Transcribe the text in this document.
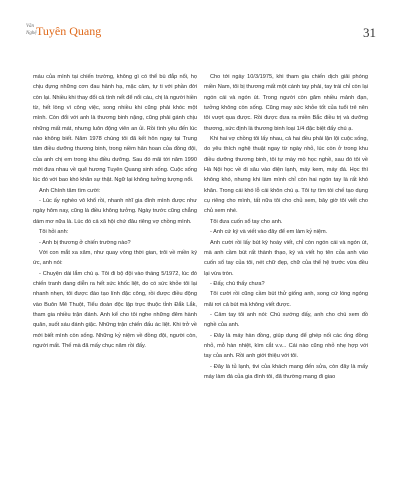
Văn
Nghệ Tuyên Quang	31

máu của mình tại chiến trường, không gì có thể bù đắp nổi, họ chịu đựng những cơn đau hành hạ, mặc cảm, tự ti với phần đời còn lại. Nhiều khi thay đổi cả tính nết để nổi cáu, chị là người hiền từ, hết lòng vì công việc, song nhiều khi cũng phải khóc một mình. Còn đổi với anh là thương binh nặng, cũng phải gánh chịu những mất mát, nhưng luôn động viên an ủi. Rồi tình yêu đến lúc nào không biết. Năm 1978 chúng tôi đã kết hôn ngay tại Trung tâm điều dưỡng thương binh, trong niềm hân hoan của đồng đội, của anh chị em trong khu điều dưỡng. Sau đó mãi tới năm 1990 mới đưa nhau về quê hương Tuyên Quang sinh sống. Cuộc sống lúc đó với bao khó khăn sự thật. Ngữ lại không tưởng tượng nổi.

Anh Chính tâm tìm cười:

- Lúc ấy nghèo vô khổ rồi, nhanh nhĩ gia đình mình được như ngày hôm nay, cũng là điều không tưởng. Ngày trước cũng chẳng dám mơ nữa là. Lúc đó cả xã hội chứ đâu riêng vợ chồng mình.

Tôi hỏi anh:

- Anh bị thương ở chiến trường nào?

Với con mắt xa xăm, như quay vòng thời gian, trôi về miền ký ức, anh nói:

- Chuyện dài lắm chú ạ. Tôi đi bộ đội vào tháng 5/1972, lúc đó chiến tranh đang diễn ra hết sức khốc liệt, do có sức khỏe tôi lại nhanh nhẹn, tôi được đào tạo lính đặc công, rồi được điều động vào Buôn Mê Thuột, Tiểu đoàn độc lập trực thuộc tỉnh Đắk Lắk, tham gia nhiều trận đánh. Anh kể cho tôi nghe những đêm hành quân, suốt sáu đánh giặc. Những trận chiến đấu ác liệt. Khi trở về mới biết mình còn sống. Những kỷ niệm về đồng đội, người còn, người mất. Thế mà đã mấy chục năm rồi đấy.

Cho tới ngày 10/3/1975, khi tham gia chiến dịch giải phóng miền Nam, tôi bị thương mất một cánh tay phải, tay trái chỉ còn lại ngón cái và ngón út. Trong người còn găm nhiều mảnh đạn, tưởng không còn sống. Cũng may sức khỏe tốt của tuổi trẻ nên tôi vượt qua được. Rồi được đưa ra miền Bắc điều trị và dưỡng thương, sức định là thương binh loại 1/4 đặc biệt đấy chú ạ.

Khi hai vợ chồng tôi lấy nhau, cả hai đều phải lận lội cuộc sống, do yêu thích nghệ thuật ngay từ ngày nhỏ, lúc còn ở trong khu điều dưỡng thương binh, tôi tự mày mò học nghề, sau đó tôi về Hà Nội học về đi sâu vào điện lạnh, máy kem, máy đá. Học thì không khó, nhưng khi làm mình chỉ còn hai ngón tay là rất khó khăn. Trong cái khó lỗ cái khôn chú ạ. Tôi tự tìm tòi chế tạo dụng cụ riêng cho mình, tất nữa tôi cho chủ xem, bây giờ tôi viết cho chủ xem nhé.

Tôi đưa cuốn sổ tay cho anh.

- Anh cứ ký và viết vào đây để em làm kỷ niệm.

Anh cười rồi lấy bút kỳ hoáy viết, chỉ còn ngón cái và ngón út, mà anh cầm bút rất thành thạo, ký và viết họ tên của anh vào cuốn sổ tay của tôi, nét chữ đẹp, chữ của thể hệ trước vừa đều lại vừa tròn.

- Đấy, chú thấy chưa?

Tôi cười rồi cũng cầm bút thử giống anh, song cứ lóng ngóng mãi rơi cả bút mà không viết được.

- Cảm tay tôi anh nói: Chú xướng đấy, anh cho chú xem đồ nghề của anh.

- Đây là máy hàn đồng, giúp dụng để ghép nối các ống đồng nhỏ, mỏ hàn nhiệt, kìm cắt v.v... Cái nào cũng nhỏ nhẹ hợp với tay của anh. Rồi anh giới thiệu với tôi.

- Đây là tủ lạnh, tivi của khách mang đến sửa, còn đây là mấy máy làm đá của gia đình tôi, đã thường mang đi giao
